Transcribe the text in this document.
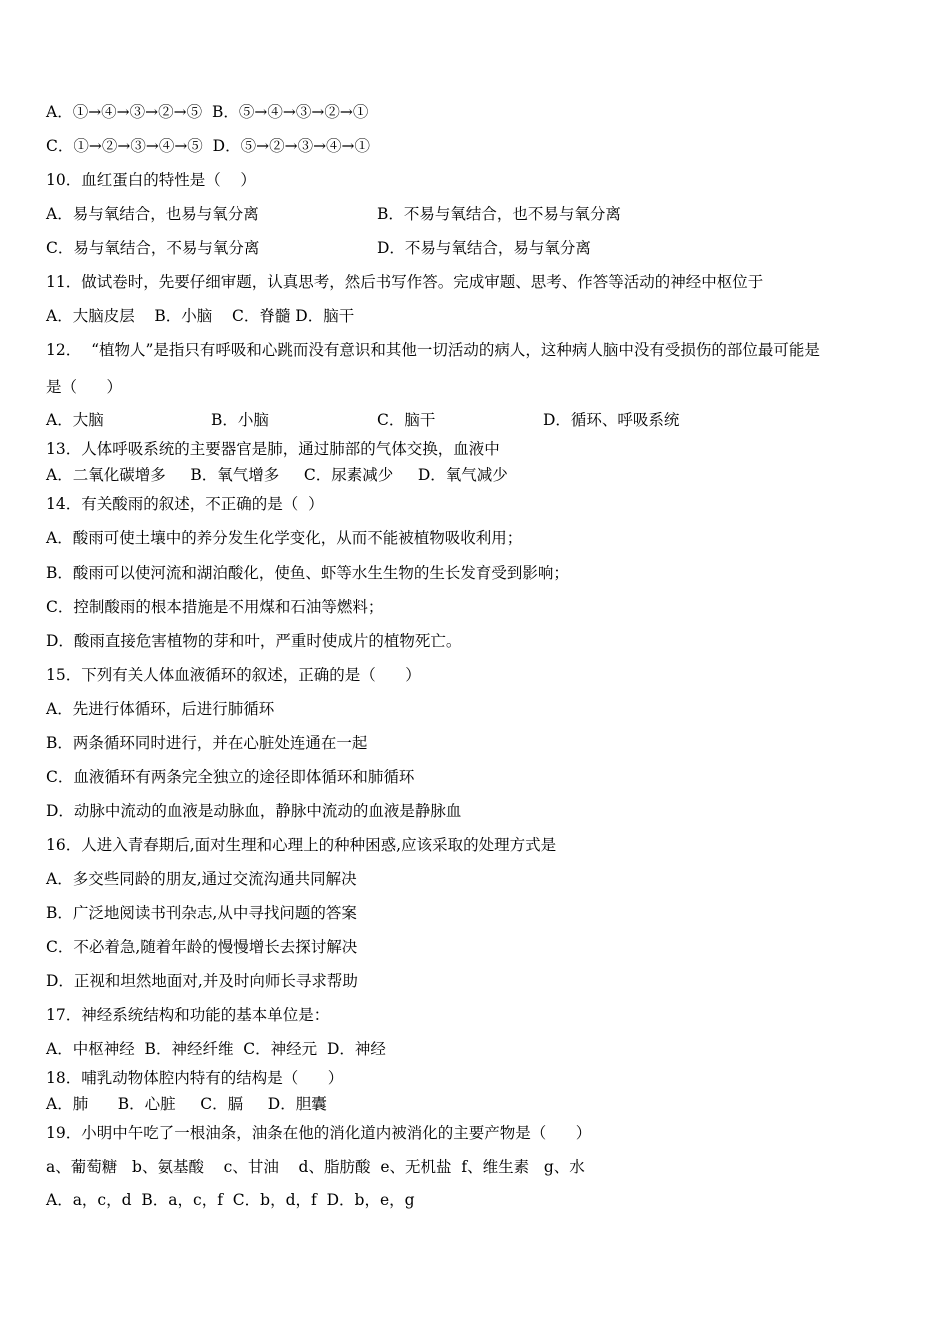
A．①→④→③→②→⑤  B．⑤→④→③→②→①
C．①→②→③→④→⑤  D．⑤→②→③→④→①
10．血红蛋白的特性是（    ）
A．易与氧结合，也易与氧分离	B．不易与氧结合，也不易与氧分离
C．易与氧结合，不易与氧分离	D．不易与氧结合，易与氧分离
11．做试卷时，先要仔细审题，认真思考，然后书写作答。完成审题、思考、作答等活动的神经中枢位于
A．大脑皮层    B．小脑    C．脊髓 D．脑干
12．  “植物人”是指只有呼吸和心跳而没有意识和其他一切活动的病人，这种病人脑中没有受损伤的部位最可能是
是（      ）
A．大脑	B．小脑	C．脑干	D．循环、呼吸系统
13．人体呼吸系统的主要器官是肺，通过肺部的气体交换，血液中
A．二氧化碳增多     B．氧气增多     C．尿素减少     D．氧气减少
14．有关酸雨的叙述，不正确的是（  ）
A．酸雨可使土壤中的养分发生化学变化，从而不能被植物吸收利用；
B．酸雨可以使河流和湖泊酸化，使鱼、虾等水生生物的生长发育受到影响；
C．控制酸雨的根本措施是不用煤和石油等燃料；
D．酸雨直接危害植物的芽和叶，严重时使成片的植物死亡。
15．下列有关人体血液循环的叙述，正确的是（      ）
A．先进行体循环，后进行肺循环
B．两条循环同时进行，并在心脏处连通在一起
C．血液循环有两条完全独立的途径即体循环和肺循环
D．动脉中流动的血液是动脉血，静脉中流动的血液是静脉血
16．人进入青春期后,面对生理和心理上的种种困惑,应该采取的处理方式是
A．多交些同龄的朋友,通过交流沟通共同解决
B．广泛地阅读书刊杂志,从中寻找问题的答案
C．不必着急,随着年龄的慢慢增长去探讨解决
D．正视和坦然地面对,并及时向师长寻求帮助
17．神经系统结构和功能的基本单位是：
A．中枢神经  B．神经纤维  C．神经元  D．神经
18．哺乳动物体腔内特有的结构是（      ）
A．肺      B．心脏     C．膈     D．胆囊
19．小明中午吃了一根油条，油条在他的消化道内被消化的主要产物是（      ）
a、葡萄糖   b、氨基酸    c、甘油    d、脂肪酸  e、无机盐  f、维生素   g、水
A．a，c，d  B．a，c，f  C．b，d，f  D．b，e，g
